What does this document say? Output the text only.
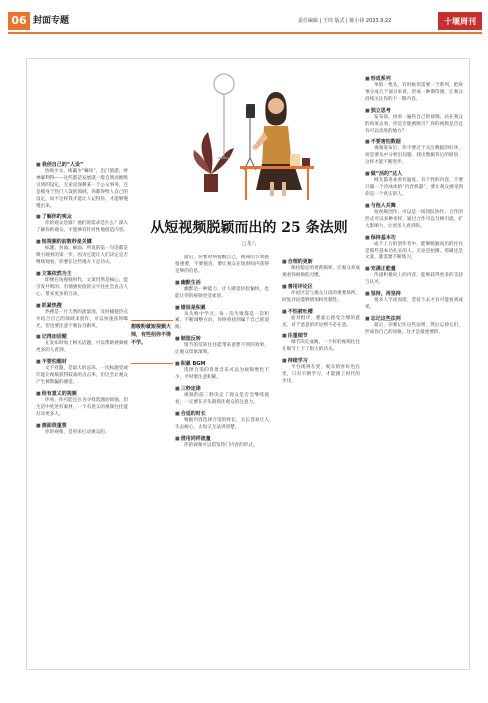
06 封面专题	责任编辑 | 王玮 版式 | 陈小祎 2023.9.22	十堰周刊
从短视频脱颖而出的 25 条法则
□龙八
想吸粉就短视频大师，有些招你不得不学。
■ 我创自己的“人设”
协助少女、街霸少“嘛串”，出门旅游，财神暴利得——这些都是发展就一般自然而被吸引到的设定，无论是深耕某一个公众事务，还是模身于热门人设的领域，你都得给人自己的设定，而不这样我才能让人记得你，才能够慢慢出来。
■ 了解你的观众
你的观众是谁？他们的需求是什么？深入了解你的观众，才能够有针对性地创造内容。
■ 短视频的前数秒是关键
标题、封面、画面、所说的第一句话都是吸引观看的第一步，因为它能让人们决定是否继续观看。你要在这些地方下足功夫。
■ 文案依然为王
即便在短视频时代，文案仍然是核心，能引发共鸣的、有情感价值的文字往往会直击人心，带来更多的互动。
■ 抓紧热搜
热搜是一片天然的流量池，及时捕捉热点并结合自己的领域来创作，可以快速获得曝光，但也要注意不要盲目跟风。
■ 记得加话题
在发布时加上相关话题，可以帮助视频被更多的人看到。
■ 不要怕题材
文不对题，是最大的忌讳。一次标题党或许能让视频获得较高的点击率，但这会让观众产生被欺骗的感觉。
■ 给有意义的视频
你看，你可能还在为寻找选题而烦恼，但生活中处处有素材，一个有意义的视频往往能打动更多人。
■ 画面很重要
你的视频，是用来打动观众的。
最后，你要时刻提醒自己，视频的节奏感很重要，不要拖沓，要让观众在短时间内获得足够的信息。
■ 幽默生活
幽默是一种能力，让人感觉轻松愉快，也能让你的视频更受欢迎。
■ 错误是积累
从失败中学习，每一次失败都是一次积累，不断调整方向，你终将找到属于自己的道路。
■ 制造反转
情节的反转往往能带来意想不到的效果，让观众印象深刻。
■ 积累 BGM
选择合适的背景音乐可以为视频增色不少，平时要注意积累。
■ 三秒定律
视频的前三秒决定了观众是否会继续观看，一定要在开头就抓住观众的注意力。
■ 合适的时长
根据内容选择合适的时长，太长容易让人失去耐心，太短又无法讲清楚。
■ 借用同样流量
你的视频可以借鉴热门内容的形式。
■ 合理的更新
保持稳定的更新频率，让观众养成观看你视频的习惯。
■ 善用评论区
评论区是与观众互动的重要场所，回复评论能够增加粉丝黏性。
■ 不怕被吐槽
面对批评，要虚心接受合理的意见，对于恶意的评论则不必在意。
■ 注重细节
细节决定成败，一个好的视频往往在细节上下了很大的功夫。
■ 持续学习
平台规则在变，观众的喜好也在变，只有不断学习，才能跟上时代的步伐。
■ 形成系列
单的一集头，有时候你需要一个系列，把故事分成几个部分来讲，形成一种期待感，让观众持续关注你的下一期内容。
■ 独立思考
发布前，再看一遍你自己的视频。站在观众的角度去看，你是否能被吸引？你的视频是否还有可以改进的地方？
■ 不要害怕数据
视频发布后，你不要过于关注数据的好坏，而是要从中分析出问题，找出数据背后的原因，这样才能不断进步。
■ 做“活的”达人
网友都喜欢看有温度、有个性的内容，不要只做一个冷冰冰的“内容机器”，要让观众感受到你是一个真实的人。
■ 与他人共舞
短视频创作，可以是一场团队协作。合作的形式可以多种多样，通过合作可以互相引流，扩大影响力，让更多人看到你。
■ 保持基本功
成千上万的创作者中，能够脱颖而出的往往是那些基本功扎实的人。无论是拍摄、剪辑还是文案，都需要不断练习。
■ 充满正能量
传递积极向上的内容，能够获得更多的支持与认可。
■ 坚持，再坚持
很多人半途而废，坚持下去才有可能看到成果。
■ 忘记这些法则
最后，你要记住这些法则，然后忘掉它们，形成你自己的风格，这才是最重要的。
